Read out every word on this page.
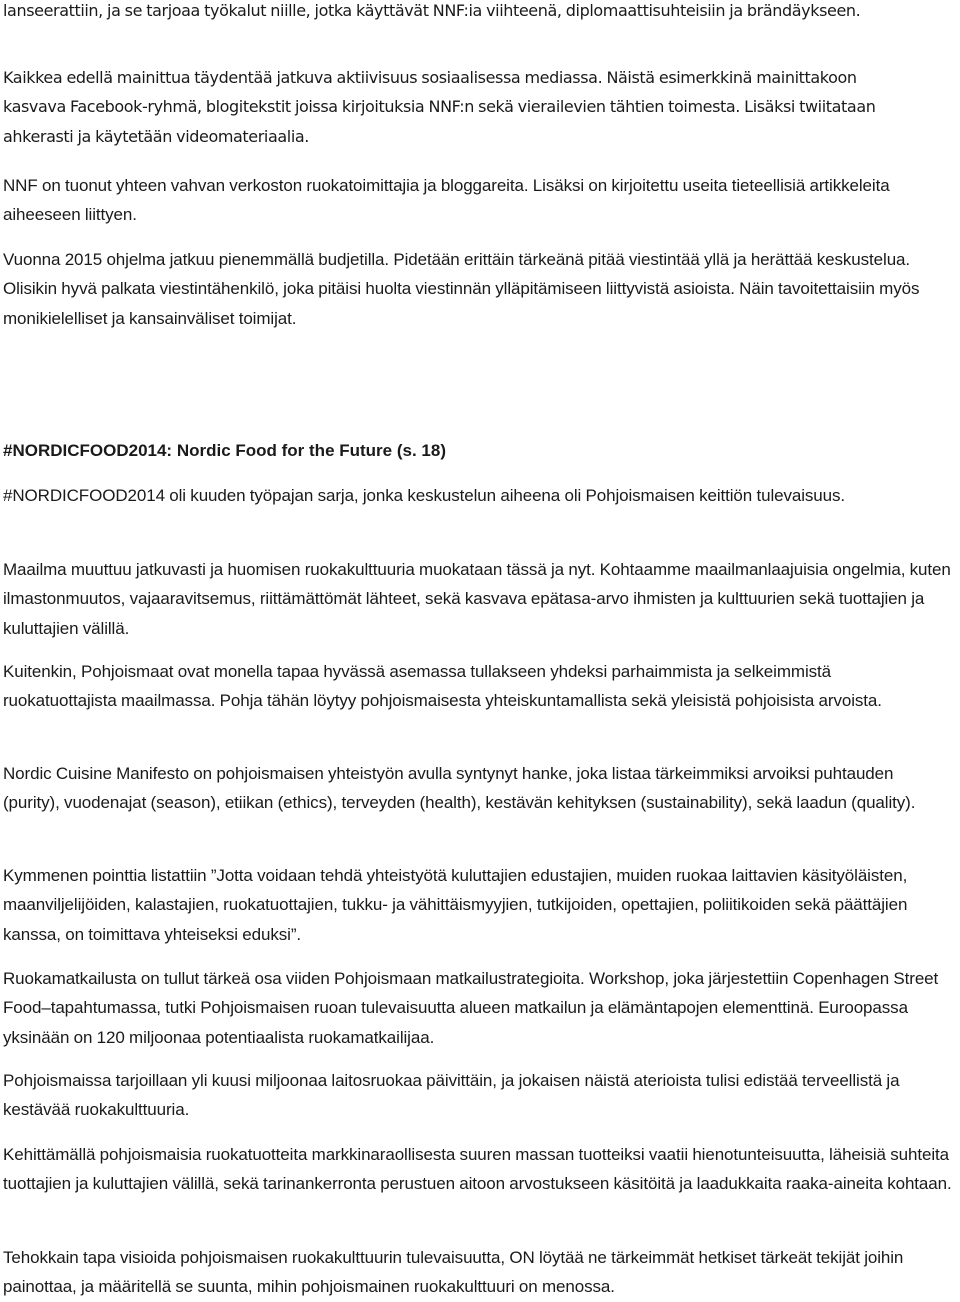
lanseerattiin, ja se tarjoaa työkalut niille, jotka käyttävät NNF:ia viihteenä, diplomaattisuhteisiin ja brändäykseen.

Kaikkea edellä mainittua täydentää jatkuva aktiivisuus sosiaalisessa mediassa. Näistä esimerkkinä mainittakoon kasvava Facebook-ryhmä, blogitekstit joissa kirjoituksia NNF:n sekä vierailevien tähtien toimesta. Lisäksi twiitataan ahkerasti ja käytetään videomateriaalia.

NNF on tuonut yhteen vahvan verkoston ruokatoimittajia ja bloggareita. Lisäksi on kirjoitettu useita tieteellisiä artikkeleita aiheeseen liittyen.

Vuonna 2015 ohjelma jatkuu pienemmällä budjetilla. Pidetään erittäin tärkeänä pitää viestintää yllä ja herättää keskustelua. Olisikin hyvä palkata viestintähenkilö, joka pitäisi huolta viestinnän ylläpitämiseen liittyvistä asioista. Näin tavoitettaisiin myös monikielelliset ja kansainväliset toimijat.

#NORDICFOOD2014: Nordic Food for the Future (s. 18)

#NORDICFOOD2014 oli kuuden työpajan sarja, jonka keskustelun aiheena oli Pohjoismaisen keittiön tulevaisuus.

Maailma muuttuu jatkuvasti ja huomisen ruokakulttuuria muokataan tässä ja nyt. Kohtaamme maailmanlaajuisia ongelmia, kuten ilmastonmuutos, vajaaravitsemus, riittämättömät lähteet, sekä kasvava epätasa-arvo ihmisten ja kulttuurien sekä tuottajien ja kuluttajien välillä.

Kuitenkin, Pohjoismaat ovat monella tapaa hyvässä asemassa tullakseen yhdeksi parhaimmista ja selkeimmistä ruokatuottajista maailmassa. Pohja tähän löytyy pohjoismaisesta yhteiskuntamallista sekä yleisistä pohjoisista arvoista.

Nordic Cuisine Manifesto on pohjoismaisen yhteistyön avulla syntynyt hanke, joka listaa tärkeimmiksi arvoiksi puhtauden (purity), vuodenajat (season), etiikan (ethics), terveyden (health), kestävän kehityksen (sustainability), sekä laadun (quality).

Kymmenen pointtia listattiin ”Jotta voidaan tehdä yhteistyötä kuluttajien edustajien, muiden ruokaa laittavien käsityöläisten, maanviljelijöiden, kalastajien, ruokatuottajien, tukku- ja vähittäismyyjien, tutkijoiden, opettajien, poliitikoiden sekä päättäjien kanssa, on toimittava yhteiseksi eduksi”.

Ruokamatkailusta on tullut tärkeä osa viiden Pohjoismaan matkailustrategioita. Workshop, joka järjestettiin Copenhagen Street Food–tapahtumassa, tutki Pohjoismaisen ruoan tulevaisuutta alueen matkailun ja elämäntapojen elementtinä. Euroopassa yksinään on 120 miljoonaa potentiaalista ruokamatkailijaa.

Pohjoismaissa tarjoillaan yli kuusi miljoonaa laitosruokaa päivittäin, ja jokaisen näistä aterioista tulisi edistää terveellistä ja kestävää ruokakulttuuria.

Kehittämällä pohjoismaisia ruokatuotteita markkinaraollisesta suuren massan tuotteiksi vaatii hienotunteisuutta, läheisiä suhteita tuottajien ja kuluttajien välillä, sekä tarinankerronta perustuen aitoon arvostukseen käsitöitä ja laadukkaita raaka-aineita kohtaan.

Tehokkain tapa visioida pohjoismaisen ruokakulttuurin tulevaisuutta, ON löytää ne tärkeimmät hetkiset tärkeät tekijät joihin painottaa, ja määritellä se suunta, mihin pohjoismainen ruokakulttuuri on menossa.
